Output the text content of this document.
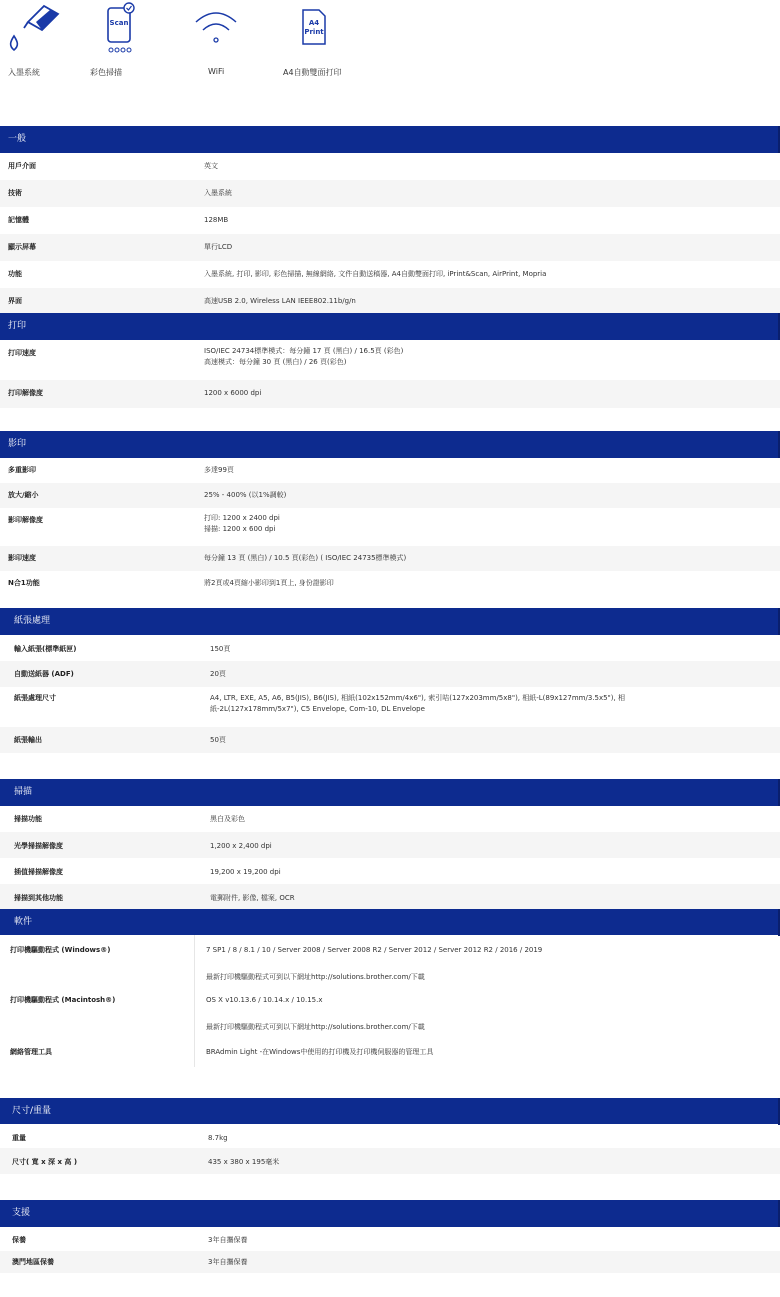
入墨系統
Scan
彩色掃描	WiFi
A4
Print
A4自動雙面打印
一般
用戶介面	英文
技術	入墨系統
記憶體	128MB
顯示屏幕	單行LCD
功能	入墨系統, 打印, 影印, 彩色掃描, 無線網絡, 文件自動送稿器, A4自動雙面打印, iPrint&Scan, AirPrint, Mopria
界面	高速USB 2.0, Wireless LAN IEEE802.11b/g/n
打印
打印速度	ISO/IEC 24734標準模式：每分鐘 17 頁 (黑白) / 16.5頁 (彩色)
高速模式：每分鐘 30 頁 (黑白) / 26 頁(彩色)
打印解像度	1200 x 6000 dpi
影印
多重影印	多達99頁
放大/縮小	25% - 400% (以1%調較)
影印解像度	打印: 1200 x 2400 dpi
掃描: 1200 x 600 dpi
影印速度	每分鐘 13 頁 (黑白) / 10.5 頁(彩色) ( ISO/IEC 24735標準模式)
N合1功能	將2頁或4頁縮小影印到1頁上, 身份證影印
紙張處理
輸入紙張(標準紙匣)	150頁
自動送紙器 (ADF)	20頁
紙張處理尺寸	A4, LTR, EXE, A5, A6, B5(JIS), B6(JIS), 相紙(102x152mm/4x6"), 索引咭(127x203mm/5x8"), 相紙-L(89x127mm/3.5x5"), 相
紙-2L(127x178mm/5x7"), C5 Envelope, Com-10, DL Envelope
紙張輸出	50頁
掃描
掃描功能	黑白及彩色
光學掃描解像度	1,200 x 2,400 dpi
插值掃描解像度	19,200 x 19,200 dpi
掃描到其他功能	電郵附件, 影像, 檔案, OCR
軟件
打印機驅動程式 (Windows®)	7 SP1 / 8 / 8.1 / 10 / Server 2008 / Server 2008 R2 / Server 2012 / Server 2012 R2 / 2016 / 2019
最新打印機驅動程式可到以下網址http://solutions.brother.com/下載
打印機驅動程式 (Macintosh®)	OS X v10.13.6 / 10.14.x / 10.15.x
最新打印機驅動程式可到以下網址http://solutions.brother.com/下載
網絡管理工具	BRAdmin Light -在Windows中使用的打印機及打印機伺服器的管理工具
尺寸/重量
重量	8.7kg
尺寸( 寬 x 深 x 高 )	435 x 380 x 195毫米
支援
保養	3年自攜保養
澳門地區保養	3年自攜保養
